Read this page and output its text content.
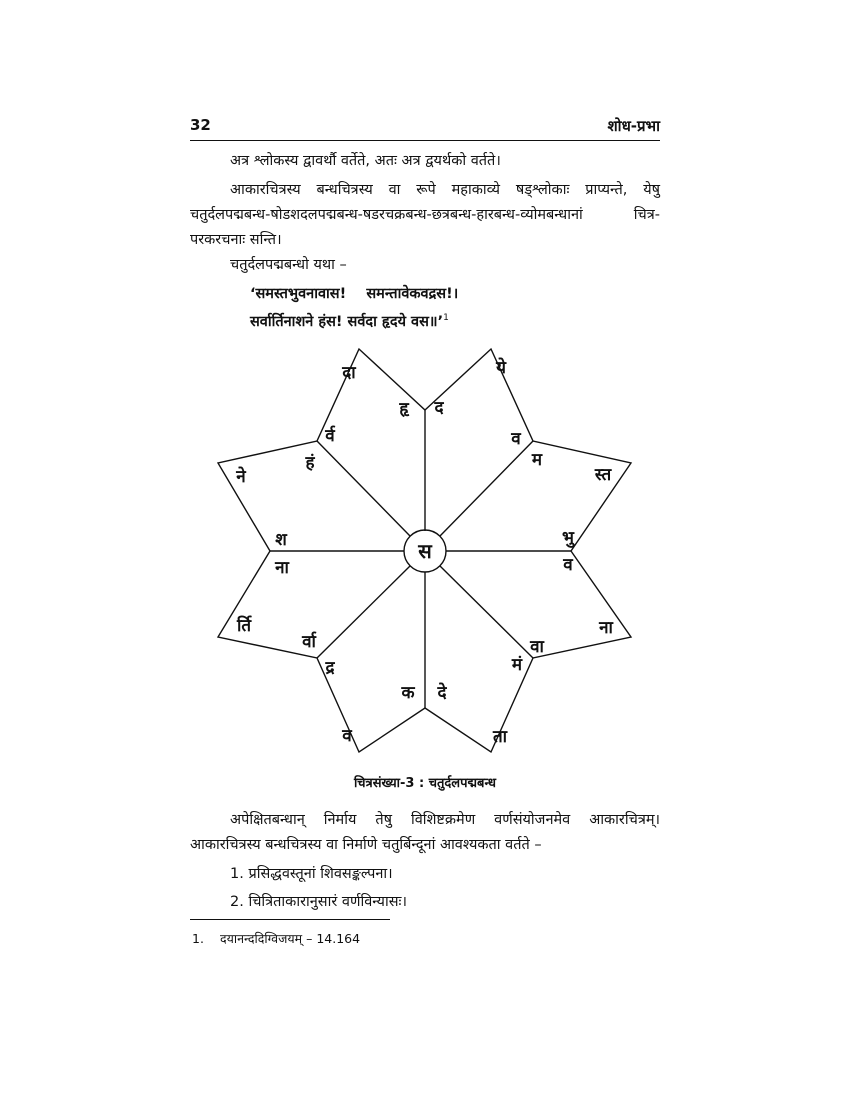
32	शोध-प्रभा

अत्र श्लोकस्य द्वावर्थौ वर्तेते, अतः अत्र द्वयर्थको वर्तते।

आकारचित्रस्य बन्धचित्रस्य वा रूपे महाकाव्ये षड्श्लोकाः प्राप्यन्ते, येषु चतुर्दलपद्मबन्ध-षोडशदलपद्मबन्ध-षडरचक्रबन्ध-छत्रबन्ध-हारबन्ध-व्योमबन्धानां चित्र-परकरचनाः सन्ति।

चतुर्दलपद्मबन्धो यथा –

‘समस्तभुवनावास!    समन्तावेकवद्रस!।
सर्वार्तिनाशने हंस! सर्वदा हृदये वस॥’$^1$
स
दा
हृ द
ये
र्व
हं
व
म
स्त
ने
श	भु
ना	व
र्ति
र्वा
ना
वा
द्र	मं
क दे
व	ता
चित्रसंख्या-3 : चतुर्दलपद्मबन्ध

अपेक्षितबन्धान् निर्माय तेषु विशिष्टक्रमेण वर्णसंयोजनमेव आकारचित्रम्। आकारचित्रस्य बन्धचित्रस्य वा निर्माणे चतुर्बिन्दूनां आवश्यकता वर्तते –

1. प्रसिद्धवस्तूनां शिवसङ्कल्पना।
2. चित्रिताकारानुसारं वर्णविन्यासः।
1. दयानन्ददिग्विजयम् – 14.164
